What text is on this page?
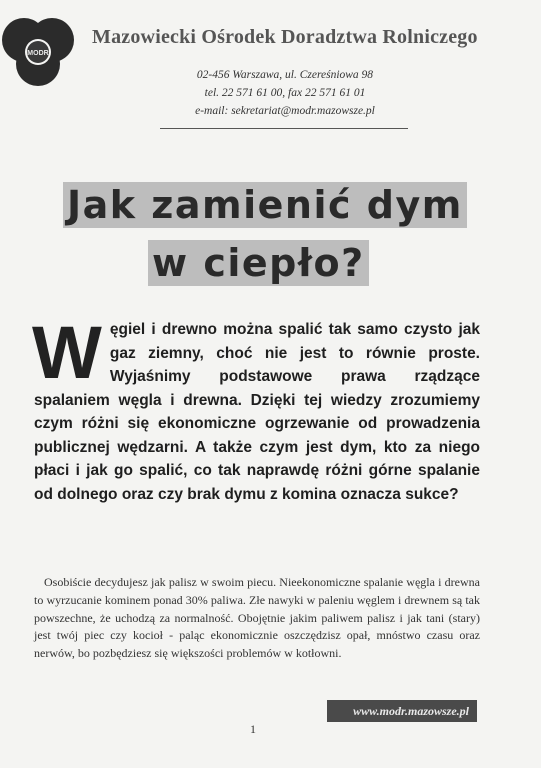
MODR
Mazowiecki Ośrodek Doradztwa Rolniczego
02-456 Warszawa, ul. Czereśniowa 98
tel. 22 571 61 00, fax 22 571 61 01
e-mail: sekretariat@modr.mazowsze.pl
Jak zamienić dym
w ciepło?
W ęgiel i drewno można spalić tak samo czysto jak gaz ziemny, choć nie jest to równie proste. Wyjaśnimy podstawowe prawa rządzące spalaniem węgla i drewna. Dzięki tej wiedzy zrozumiemy czym różni się ekonomiczne ogrzewanie od prowadzenia publicznej wędzarni. A także czym jest dym, kto za niego płaci i jak go spalić, co tak naprawdę różni górne spalanie od dolnego oraz czy brak dymu z komina oznacza sukce?

Osobiście decydujesz jak palisz w swoim piecu. Nieekonomiczne spalanie węgla i drewna to wyrzucanie kominem ponad 30% paliwa. Złe nawyki w paleniu węglem i drewnem są tak powszechne, że uchodzą za normalność. Obojętnie jakim paliwem palisz i jak tani (stary) jest twój piec czy kocioł - paląc ekonomicznie oszczędzisz opał, mnóstwo czasu oraz nerwów, bo pozbędziesz się większości problemów w kotłowni.

www.modr.mazowsze.pl
1
